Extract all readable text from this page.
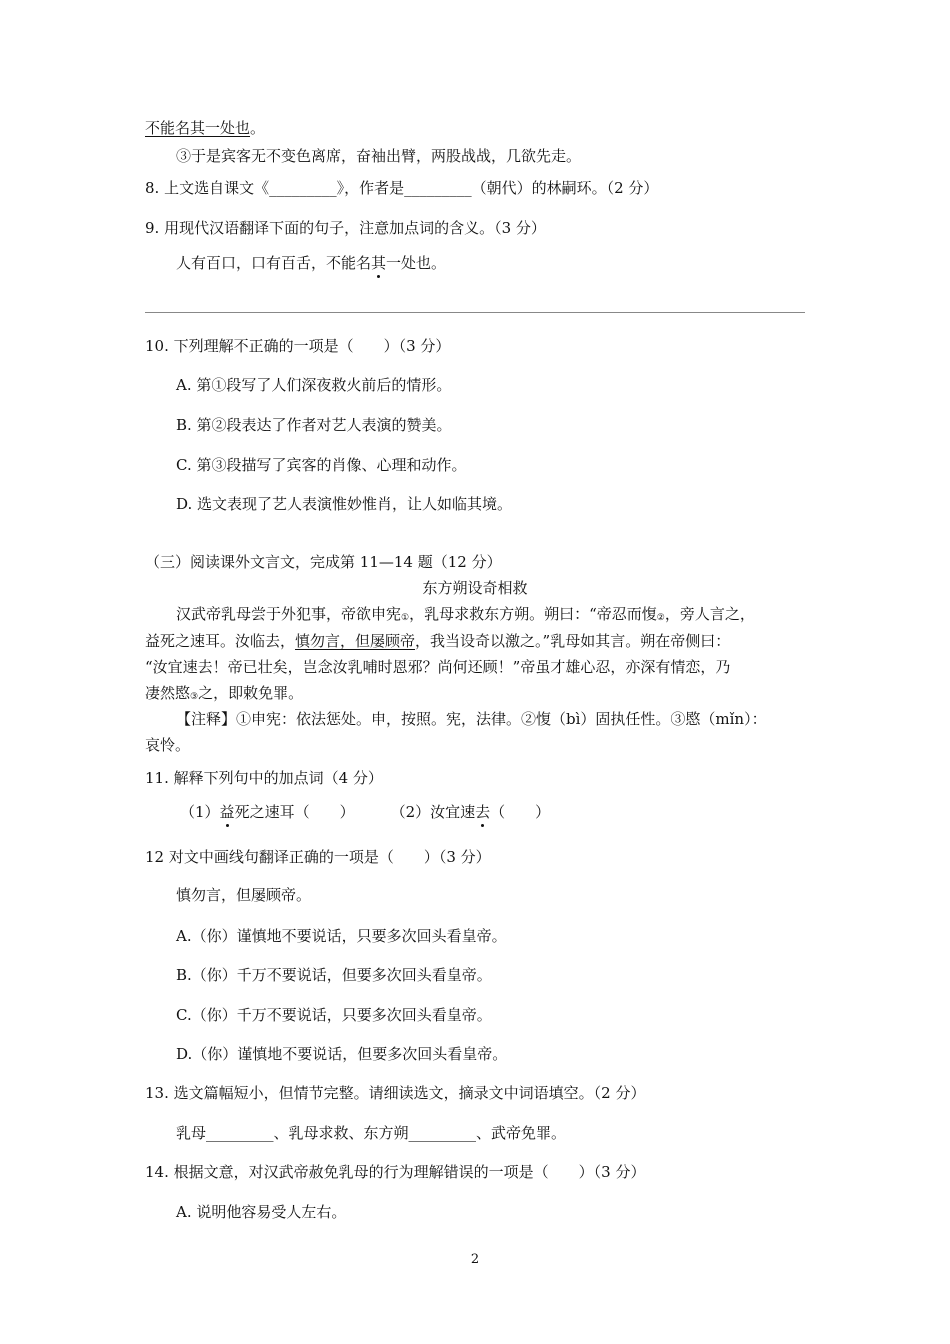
不能名其一处也。
③于是宾客无不变色离席，奋袖出臂，两股战战，几欲先走。
8. 上文选自课文《_________》，作者是_________（朝代）的林嗣环。（2 分）
9. 用现代汉语翻译下面的句子，注意加点词的含义。（3 分）
人有百口，口有百舌，不能名其一处也。
10. 下列理解不正确的一项是（　　）（3 分）
A. 第①段写了人们深夜救火前后的情形。
B. 第②段表达了作者对艺人表演的赞美。
C. 第③段描写了宾客的肖像、心理和动作。
D. 选文表现了艺人表演惟妙惟肖，让人如临其境。
（三）阅读课外文言文，完成第 11—14 题（12 分）
东方朔设奇相救
汉武帝乳母尝于外犯事，帝欲申宪$_①$，乳母求救东方朔。朔曰：“帝忍而愎$_②$，旁人言之，
益死之速耳。汝临去，慎勿言，但屡顾帝，我当设奇以激之。”乳母如其言。朔在帝侧曰：
“汝宜速去！帝已壮矣，岂念汝乳哺时恩邪？尚何还顾！”帝虽才雄心忍，亦深有情恋，乃
凄然愍$_③$之，即敕免罪。
【注释】①申宪：依法惩处。申，按照。宪，法律。②愎（bì）固执任性。③愍（mǐn）：
哀怜。
11. 解释下列句中的加点词（4 分）
（1）益死之速耳（　　） （2）汝宜速去（　　）
12 对文中画线句翻译正确的一项是（　　）（3 分）
慎勿言，但屡顾帝。
A.（你）谨慎地不要说话，只要多次回头看皇帝。
B.（你）千万不要说话，但要多次回头看皇帝。
C.（你）千万不要说话，只要多次回头看皇帝。
D.（你）谨慎地不要说话，但要多次回头看皇帝。
13. 选文篇幅短小，但情节完整。请细读选文，摘录文中词语填空。（2 分）
乳母_________、乳母求救、东方朔_________、武帝免罪。
14. 根据文意，对汉武帝赦免乳母的行为理解错误的一项是（　　）（3 分）
A. 说明他容易受人左右。
2
